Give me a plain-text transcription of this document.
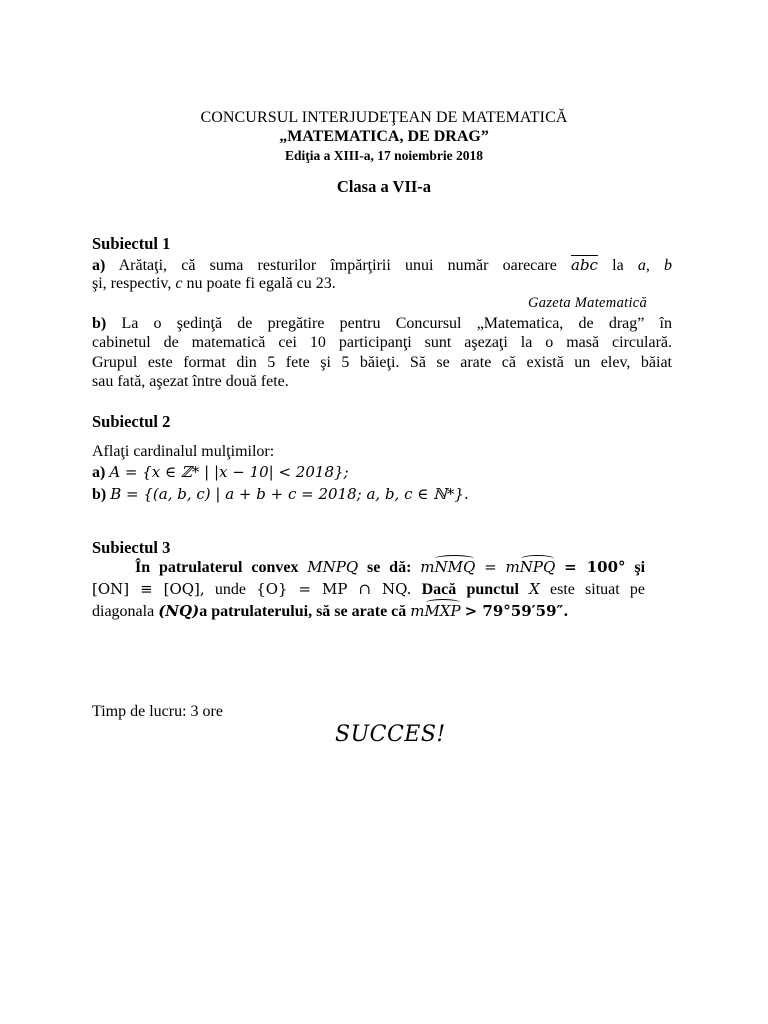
CONCURSUL INTERJUDEŢEAN DE MATEMATICĂ
„MATEMATICA, DE DRAG”
Ediţia a XIII-a, 17 noiembrie 2018
Clasa a VII-a
Subiectul 1
a) Arătaţi, că suma resturilor împărţirii unui număr oarecare $\overline{abc}$ la a, b
şi, respectiv, c nu poate fi egală cu 23.
Gazeta Matematică
b) La o şedinţă de pregătire pentru Concursul „Matematica, de drag” în
cabinetul de matematică cei 10 participanţi sunt aşezaţi la o masă circulară.
Grupul este format din 5 fete şi 5 băieţi. Să se arate că există un elev, băiat
sau fată, aşezat între două fete.
Subiectul 2
Aflaţi cardinalul mulţimilor:
a) A = {x ∈ ℤ* | |x − 10| < 2018};
b) B = {(a, b, c) | a + b + c = 2018; a, b, c ∈ ℕ*}.
Subiectul 3
În patrulaterul convex MNPQ se dă: mNMQ = mNPQ = 100° şi
[ON] ≡ [OQ], unde {O} = MP ∩ NQ. Dacă punctul X este situat pe
diagonala (NQ)a patrulaterului, să se arate că mMXP > 79°59′59″.
Timp de lucru: 3 ore
SUCCES!
